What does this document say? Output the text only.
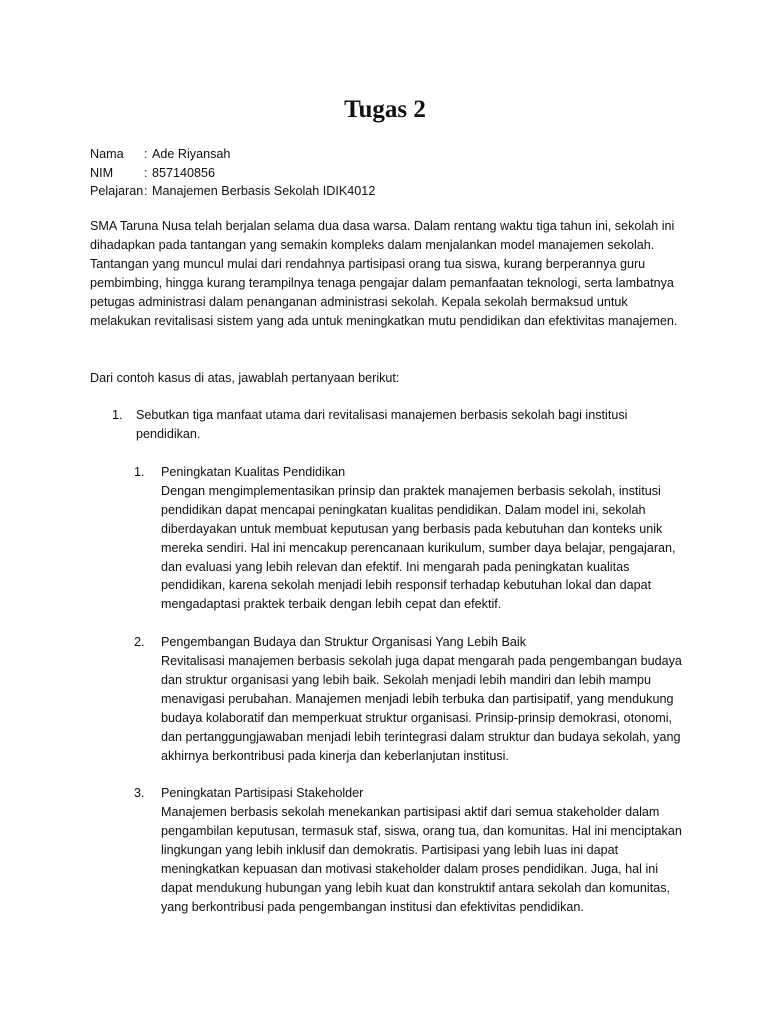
Tugas 2
Nama	: Ade Riyansah
NIM	: 857140856
Pelajaran : Manajemen Berbasis Sekolah IDIK4012

SMA Taruna Nusa telah berjalan selama dua dasa warsa. Dalam rentang waktu tiga tahun ini, sekolah ini dihadapkan pada tantangan yang semakin kompleks dalam menjalankan model manajemen sekolah. Tantangan yang muncul mulai dari rendahnya partisipasi orang tua siswa, kurang berperannya guru pembimbing, hingga kurang terampilnya tenaga pengajar dalam pemanfaatan teknologi, serta lambatnya petugas administrasi dalam penanganan administrasi sekolah. Kepala sekolah bermaksud untuk melakukan revitalisasi sistem yang ada untuk meningkatkan mutu pendidikan dan efektivitas manajemen.

Dari contoh kasus di atas, jawablah pertanyaan berikut:

1.	Sebutkan tiga manfaat utama dari revitalisasi manajemen berbasis sekolah bagi institusi pendidikan.

1.	Peningkatan Kualitas Pendidikan

Dengan mengimplementasikan prinsip dan praktek manajemen berbasis sekolah, institusi pendidikan dapat mencapai peningkatan kualitas pendidikan. Dalam model ini, sekolah diberdayakan untuk membuat keputusan yang berbasis pada kebutuhan dan konteks unik mereka sendiri. Hal ini mencakup perencanaan kurikulum, sumber daya belajar, pengajaran, dan evaluasi yang lebih relevan dan efektif. Ini mengarah pada peningkatan kualitas pendidikan, karena sekolah menjadi lebih responsif terhadap kebutuhan lokal dan dapat mengadaptasi praktek terbaik dengan lebih cepat dan efektif.

2.	Pengembangan Budaya dan Struktur Organisasi Yang Lebih Baik

Revitalisasi manajemen berbasis sekolah juga dapat mengarah pada pengembangan budaya dan struktur organisasi yang lebih baik. Sekolah menjadi lebih mandiri dan lebih mampu menavigasi perubahan. Manajemen menjadi lebih terbuka dan partisipatif, yang mendukung budaya kolaboratif dan memperkuat struktur organisasi. Prinsip-prinsip demokrasi, otonomi, dan pertanggungjawaban menjadi lebih terintegrasi dalam struktur dan budaya sekolah, yang akhirnya berkontribusi pada kinerja dan keberlanjutan institusi.

3.	Peningkatan Partisipasi Stakeholder

Manajemen berbasis sekolah menekankan partisipasi aktif dari semua stakeholder dalam pengambilan keputusan, termasuk staf, siswa, orang tua, dan komunitas. Hal ini menciptakan lingkungan yang lebih inklusif dan demokratis. Partisipasi yang lebih luas ini dapat meningkatkan kepuasan dan motivasi stakeholder dalam proses pendidikan. Juga, hal ini dapat mendukung hubungan yang lebih kuat dan konstruktif antara sekolah dan komunitas, yang berkontribusi pada pengembangan institusi dan efektivitas pendidikan.
